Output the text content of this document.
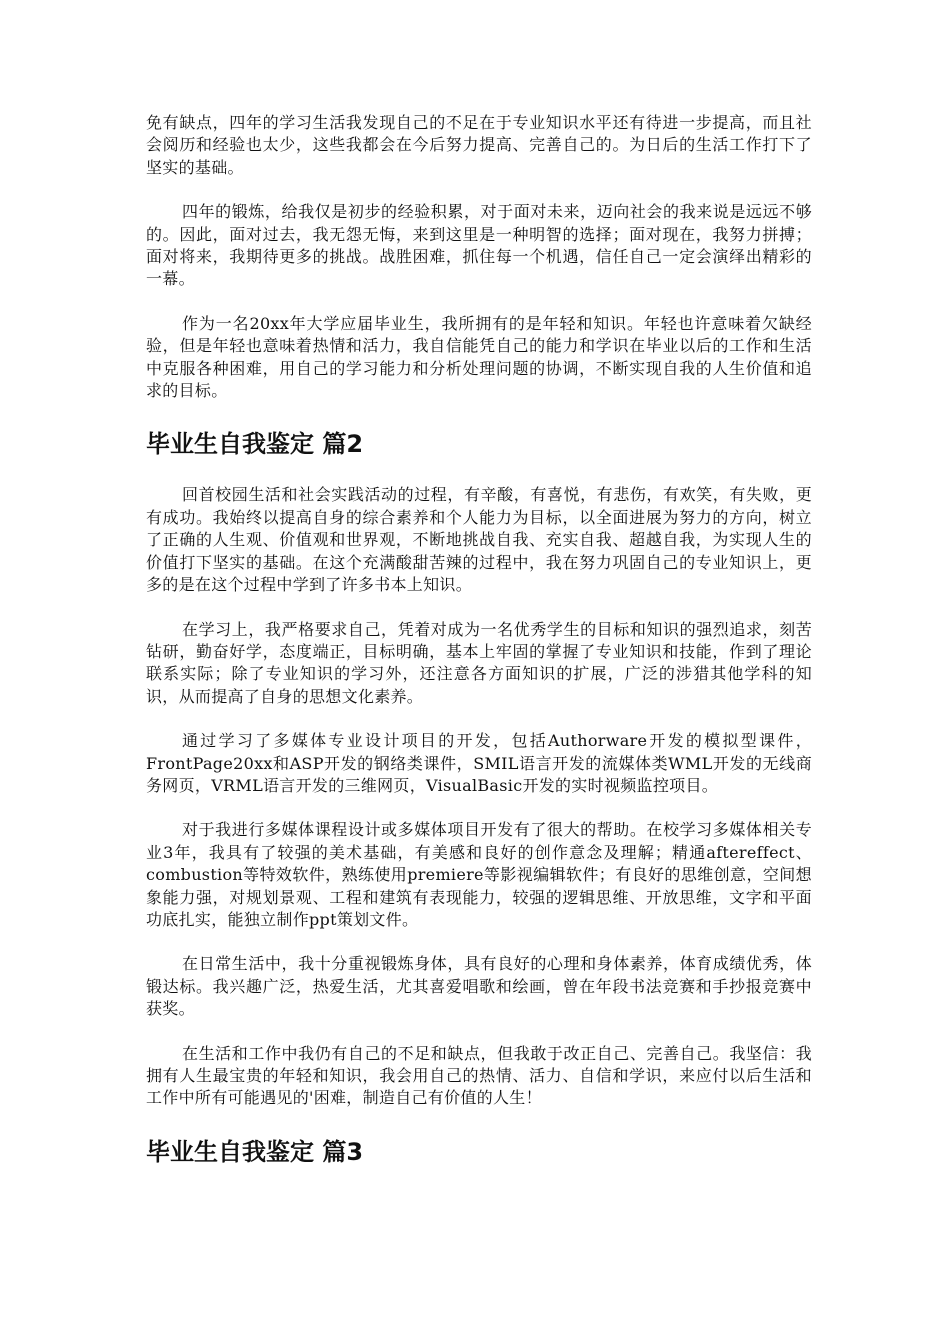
免有缺点，四年的学习生活我发现自己的不足在于专业知识水平还有待进一步提高，而且社会阅历和经验也太少，这些我都会在今后努力提高、完善自己的。为日后的生活工作打下了坚实的基础。

四年的锻炼，给我仅是初步的经验积累，对于面对未来，迈向社会的我来说是远远不够的。因此，面对过去，我无怨无悔，来到这里是一种明智的选择；面对现在，我努力拼搏；面对将来，我期待更多的挑战。战胜困难，抓住每一个机遇，信任自己一定会演绎出精彩的一幕。

作为一名20xx年大学应届毕业生，我所拥有的是年轻和知识。年轻也许意味着欠缺经验，但是年轻也意味着热情和活力，我自信能凭自己的能力和学识在毕业以后的工作和生活中克服各种困难，用自己的学习能力和分析处理问题的协调，不断实现自我的人生价值和追求的目标。

毕业生自我鉴定 篇2

回首校园生活和社会实践活动的过程，有辛酸，有喜悦，有悲伤，有欢笑，有失败，更有成功。我始终以提高自身的综合素养和个人能力为目标，以全面进展为努力的方向，树立了正确的人生观、价值观和世界观，不断地挑战自我、充实自我、超越自我，为实现人生的价值打下坚实的基础。在这个充满酸甜苦辣的过程中，我在努力巩固自己的专业知识上，更多的是在这个过程中学到了许多书本上知识。

在学习上，我严格要求自己，凭着对成为一名优秀学生的目标和知识的强烈追求，刻苦钻研，勤奋好学，态度端正，目标明确，基本上牢固的掌握了专业知识和技能，作到了理论联系实际；除了专业知识的学习外，还注意各方面知识的扩展，广泛的涉猎其他学科的知识，从而提高了自身的思想文化素养。

通过学习了多媒体专业设计项目的开发，包括Authorware开发的模拟型课件，FrontPage20xx和ASP开发的钢络类课件，SMIL语言开发的流媒体类WML开发的无线商务网页，VRML语言开发的三维网页，VisualBasic开发的实时视频监控项目。

对于我进行多媒体课程设计或多媒体项目开发有了很大的帮助。在校学习多媒体相关专业3年，我具有了较强的美术基础，有美感和良好的创作意念及理解；精通aftereffect、combustion等特效软件，熟练使用premiere等影视编辑软件；有良好的思维创意，空间想象能力强，对规划景观、工程和建筑有表现能力，较强的逻辑思维、开放思维，文字和平面功底扎实，能独立制作ppt策划文件。

在日常生活中，我十分重视锻炼身体，具有良好的心理和身体素养，体育成绩优秀，体锻达标。我兴趣广泛，热爱生活，尤其喜爱唱歌和绘画，曾在年段书法竞赛和手抄报竞赛中获奖。

在生活和工作中我仍有自己的不足和缺点，但我敢于改正自己、完善自己。我坚信：我拥有人生最宝贵的年轻和知识，我会用自己的热情、活力、自信和学识，来应付以后生活和工作中所有可能遇见的'困难，制造自己有价值的人生！

毕业生自我鉴定 篇3
